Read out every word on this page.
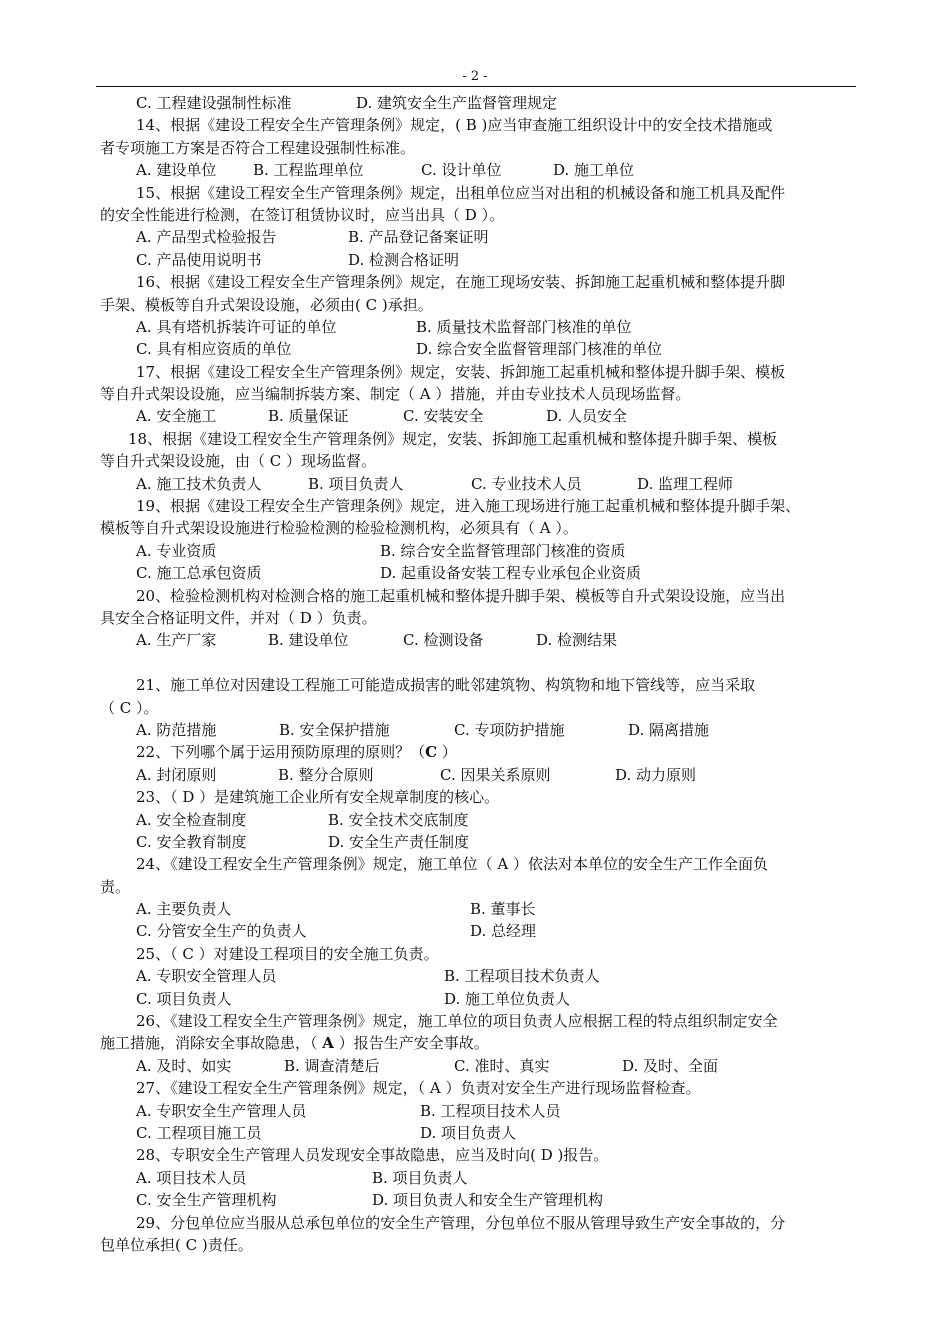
- 2 -
C. 工程建设强制性标准	D. 建筑安全生产监督管理规定
14、根据《建设工程安全生产管理条例》规定，( B )应当审查施工组织设计中的安全技术措施或
者专项施工方案是否符合工程建设强制性标准。
A. 建设单位 B. 工程监理单位	C. 设计单位	D. 施工单位
15、根据《建设工程安全生产管理条例》规定，出租单位应当对出租的机械设备和施工机具及配件
的安全性能进行检测，在签订租赁协议时，应当出具（ D ）。
A. 产品型式检验报告	B. 产品登记备案证明
C. 产品使用说明书	D. 检测合格证明
16、根据《建设工程安全生产管理条例》规定，在施工现场安装、拆卸施工起重机械和整体提升脚
手架、模板等自升式架设设施，必须由( C )承担。
A. 具有塔机拆装许可证的单位	B. 质量技术监督部门核准的单位
C. 具有相应资质的单位	D. 综合安全监督管理部门核准的单位
17、根据《建设工程安全生产管理条例》规定，安装、拆卸施工起重机械和整体提升脚手架、模板
等自升式架设设施，应当编制拆装方案、制定（ A ）措施，并由专业技术人员现场监督。
A. 安全施工	B. 质量保证	C. 安装安全	D. 人员安全
18、根据《建设工程安全生产管理条例》规定，安装、拆卸施工起重机械和整体提升脚手架、模板
等自升式架设设施，由（ C ）现场监督。
A. 施工技术负责人	B. 项目负责人	C. 专业技术人员	D. 监理工程师
19、根据《建设工程安全生产管理条例》规定，进入施工现场进行施工起重机械和整体提升脚手架、
模板等自升式架设设施进行检验检测的检验检测机构，必须具有（ A ）。
A. 专业资质	B. 综合安全监督管理部门核准的资质
C. 施工总承包资质	D. 起重设备安装工程专业承包企业资质
20、检验检测机构对检测合格的施工起重机械和整体提升脚手架、模板等自升式架设设施，应当出
具安全合格证明文件，并对（ D ）负责。
A. 生产厂家	B. 建设单位	C. 检测设备	D. 检测结果
21、施工单位对因建设工程施工可能造成损害的毗邻建筑物、构筑物和地下管线等，应当采取
（ C ）。
A. 防范措施	B. 安全保护措施	C. 专项防护措施	D. 隔离措施
22、下列哪个属于运用预防原理的原则？（C ）
A. 封闭原则	B. 整分合原则	C. 因果关系原则	D. 动力原则
23、（ D ）是建筑施工企业所有安全规章制度的核心。
A. 安全检查制度	B. 安全技术交底制度
C. 安全教育制度	D. 安全生产责任制度
24、《建设工程安全生产管理条例》规定，施工单位（ A ）依法对本单位的安全生产工作全面负
责。
A. 主要负责人	B. 董事长
C. 分管安全生产的负责人	D. 总经理
25、（ C ）对建设工程项目的安全施工负责。
A. 专职安全管理人员	B. 工程项目技术负责人
C. 项目负责人	D. 施工单位负责人
26、《建设工程安全生产管理条例》规定，施工单位的项目负责人应根据工程的特点组织制定安全
施工措施，消除安全事故隐患，（ A ）报告生产安全事故。
A. 及时、如实	B. 调查清楚后	C. 准时、真实	D. 及时、全面
27、《建设工程安全生产管理条例》规定，（ A ）负责对安全生产进行现场监督检查。
A. 专职安全生产管理人员	B. 工程项目技术人员
C. 工程项目施工员	D. 项目负责人
28、专职安全生产管理人员发现安全事故隐患，应当及时向( D )报告。
A. 项目技术人员	B. 项目负责人
C. 安全生产管理机构	D. 项目负责人和安全生产管理机构
29、分包单位应当服从总承包单位的安全生产管理，分包单位不服从管理导致生产安全事故的，分
包单位承担( C )责任。
